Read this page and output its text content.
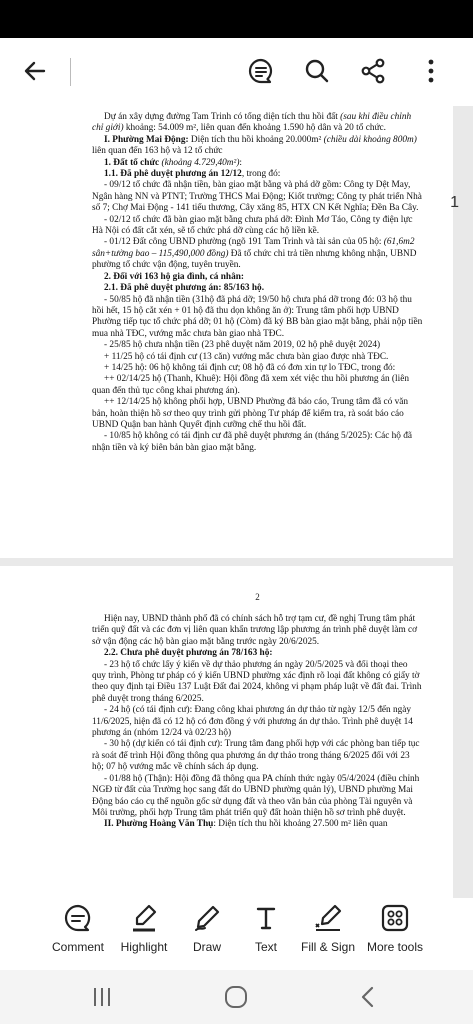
Dự án xây dựng đường Tam Trinh có tổng diện tích thu hồi đất (sau khi điều chỉnh chỉ giới) khoảng: 54.009 m², liên quan đến khoảng 1.590 hộ dân và 20 tổ chức.

I. Phường Mai Động: Diện tích thu hồi khoảng 20.000m² (chiều dài khoảng 800m) liên quan đến 163 hộ và 12 tổ chức

1. Đất tổ chức (khoảng 4.729,40m²):

1.1. Đã phê duyệt phương án 12/12, trong đó:

- 09/12 tổ chức đã nhận tiền, bàn giao mặt bằng và phá dỡ gồm: Công ty Dệt May, Ngân hàng NN và PTNT; Trường THCS Mai Động; Kiốt trường; Công ty phát triển Nhà số 7; Chợ Mai Động - 141 tiểu thương, Cây xăng 85, HTX CN Kết Nghĩa; Đền Ba Cây.

- 02/12 tổ chức đã bàn giao mặt bằng chưa phá dỡ: Đình Mơ Táo, Công ty điện lực Hà Nội có đất cắt xén, sẽ tổ chức phá dỡ cùng các hộ liền kề.

- 01/12 Đất công UBND phường (ngõ 191 Tam Trinh và tài sản của 05 hộ: (61,6m2 sân+tường bao – 115,490,000 đồng) Đã tổ chức chi trả tiền nhưng không nhận, UBND phường tổ chức vận động, tuyên truyền.

2. Đối với 163 hộ gia đình, cá nhân:

2.1. Đã phê duyệt phương án: 85/163 hộ.

- 50/85 hộ đã nhận tiền (31hộ đã phá dỡ; 19/50 hộ chưa phá dỡ trong đó: 03 hộ thu hồi hết, 15 hộ cắt xén + 01 hộ đã thu dọn không ăn ở): Trung tâm phối hợp UBND Phường tiếp tục tổ chức phá dỡ; 01 hộ (Còm) đã ký BB bàn giao mặt bằng, phải nộp tiền mua nhà TĐC, vướng mắc chưa bàn giao nhà TĐC.

- 25/85 hộ chưa nhận tiền (23 phê duyệt năm 2019, 02 hộ phê duyệt 2024)

+ 11/25 hộ có tái định cư (13 căn) vướng mắc chưa bàn giao được nhà TĐC.

+ 14/25 hộ: 06 hộ không tái định cư; 08 hộ đã có đơn xin tự lo TĐC, trong đó:

++ 02/14/25 hộ (Thanh, Khuê): Hội đồng đã xem xét việc thu hồi phương án (liên quan đến thủ tục công khai phương án).

++ 12/14/25 hộ không phối hợp, UBND Phường đã báo cáo, Trung tâm đã có văn bản, hoàn thiện hồ sơ theo quy trình gửi phòng Tư pháp để kiểm tra, rà soát báo cáo UBND Quận ban hành Quyết định cưỡng chế thu hồi đất.

- 10/85 hộ không có tái định cư đã phê duyệt phương án (tháng 5/2025): Các hộ đã nhận tiền và ký biên bản bàn giao mặt bằng.

2

Hiện nay, UBND thành phố đã có chính sách hỗ trợ tạm cư, đề nghị Trung tâm phát triển quỹ đất và các đơn vị liên quan khẩn trương lập phương án trình phê duyệt làm cơ sở vận động các hộ bàn giao mặt bằng trước ngày 20/6/2025.

2.2. Chưa phê duyệt phương án 78/163 hộ:

- 23 hộ tổ chức lấy ý kiến về dự thảo phương án ngày 20/5/2025 và đối thoại theo quy trình, Phòng tư pháp có ý kiến UBND phường xác định rõ loại đất không có giấy tờ theo quy định tại Điều 137 Luật Đất đai 2024, không vi phạm pháp luật về đất đai. Trình phê duyệt trong tháng 6/2025.

- 24 hộ (có tái định cư): Đang công khai phương án dự thảo từ ngày 12/5 đến ngày 11/6/2025, hiện đã có 12 hộ có đơn đồng ý với phương án dự thảo. Trình phê duyệt 14 phương án (nhóm 12/24 và 02/23 hộ)

- 30 hộ (dự kiến có tái định cư): Trung tâm đang phối hợp với các phòng ban tiếp tục rà soát để trình Hội đồng thông qua phương án dự thảo trong tháng 6/2025 đối với 23 hộ; 07 hộ vướng mắc về chính sách áp dụng.

- 01/88 hộ (Thận): Hội đồng đã thông qua PA chính thức ngày 05/4/2024 (điều chỉnh NGĐ từ đất của Trường học sang đất do UBND phường quản lý), UBND phường Mai Động báo cáo cụ thể nguồn gốc sử dụng đất và theo văn bản của phòng Tài nguyên và Môi trường, phối hợp Trung tâm phát triển quỹ đất hoàn thiện hồ sơ trình phê duyệt.

II. Phường Hoàng Văn Thụ: Diện tích thu hồi khoảng 27.500 m² liên quan

1
Comment	Highlight	Draw	Text	Fill & Sign More tools
